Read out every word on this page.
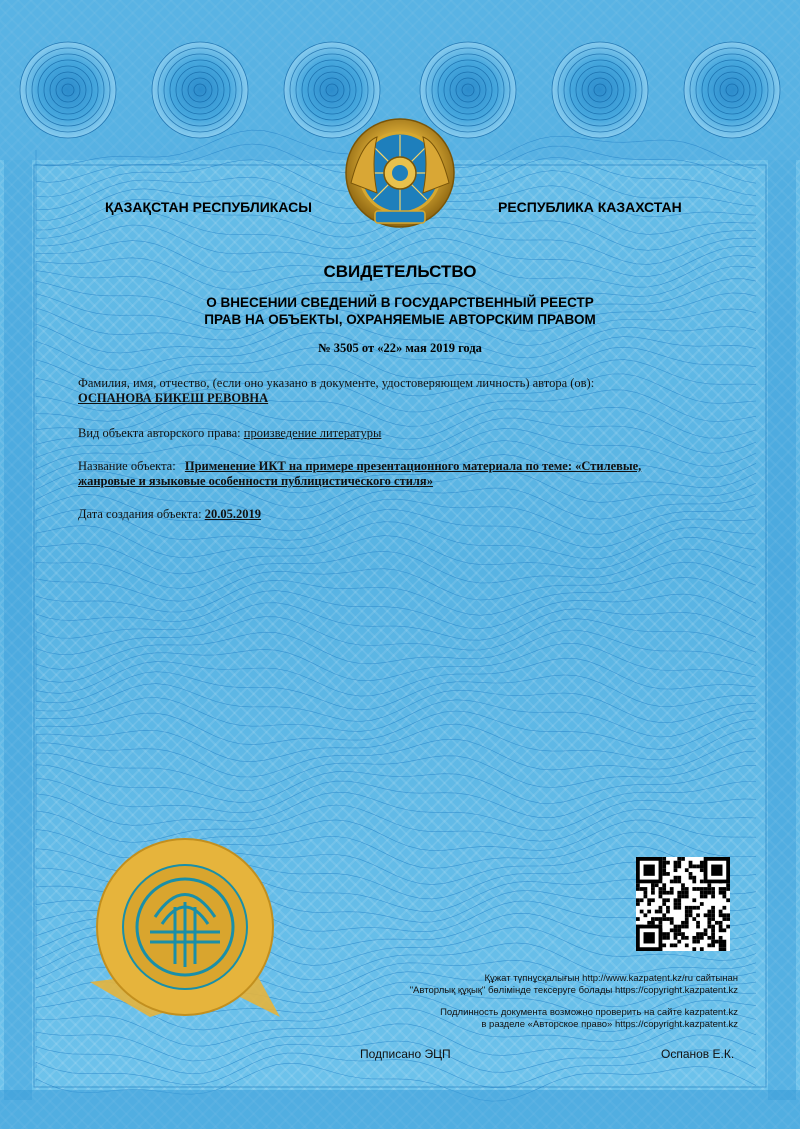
ҚАЗАҚСТАН РЕСПУБЛИКАСЫ	РЕСПУБЛИКА КАЗАХСТАН
СВИДЕТЕЛЬСТВО
О ВНЕСЕНИИ СВЕДЕНИЙ В ГОСУДАРСТВЕННЫЙ РЕЕСТР
ПРАВ НА ОБЪЕКТЫ, ОХРАНЯЕМЫЕ АВТОРСКИМ ПРАВОМ
№ 3505 от «22» мая 2019 года
Фамилия, имя, отчество, (если оно указано в документе, удостоверяющем личность) автора (ов):
ОСПАНОВА БИКЕШ РЕВОВНА
Вид объекта авторского права: произведение литературы
Название объекта: Применение ИКТ на примере презентационного материала по теме: «Стилевые,
жанровые и языковые особенности публицистического стиля»
Дата создания объекта: 20.05.2019
Құжат түпнұсқалығын http://www.kazpatent.kz/ru сайтынан
"Авторлық құқық" бөлімінде тексеруге болады https://copyright.kazpatent.kz
Подлинность документа возможно проверить на сайте kazpatent.kz
в разделе «Авторское право» https://copyright.kazpatent.kz
Подписано ЭЦП	Оспанов Е.К.
